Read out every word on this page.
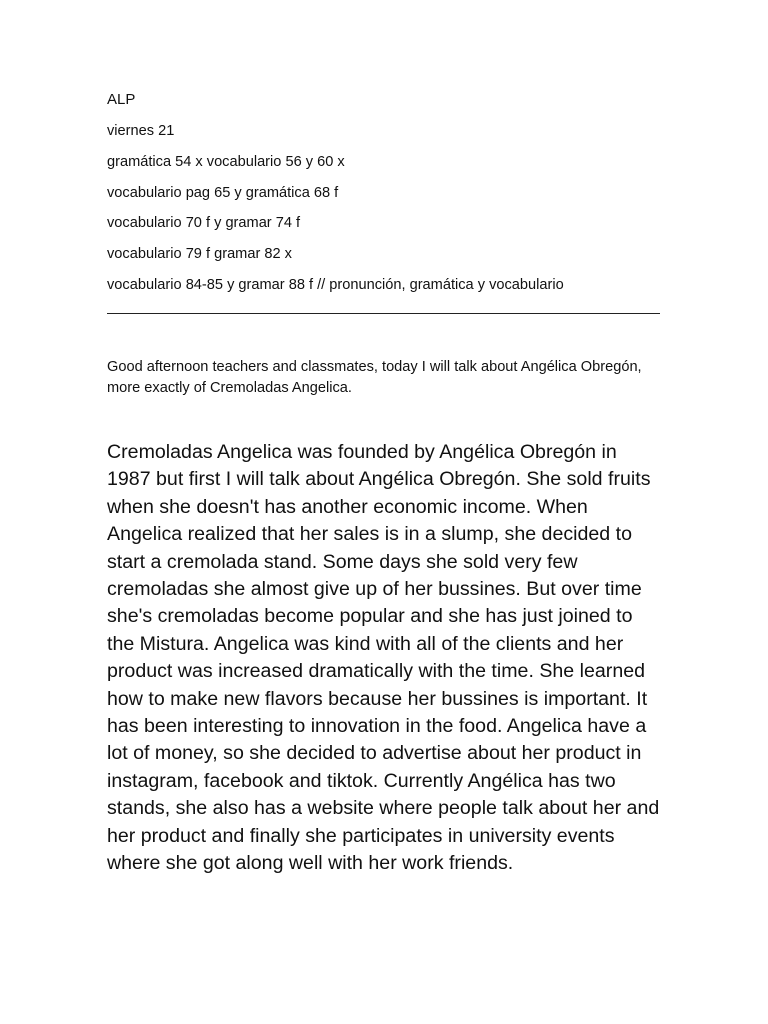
ALP
viernes 21
gramática 54 x vocabulario 56 y 60 x
vocabulario pag 65 y gramática 68 f
vocabulario 70 f y gramar 74 f
vocabulario 79 f gramar 82 x
vocabulario 84-85 y gramar 88 f // pronunción, gramática y vocabulario
Good afternoon teachers and classmates, today I will talk about Angélica Obregón, more exactly of Cremoladas Angelica.
Cremoladas Angelica was founded by Angélica Obregón in 1987 but first I will talk about Angélica Obregón. She sold fruits when she doesn't has another economic income. When Angelica realized that her sales is in a slump, she decided to start a cremolada stand. Some days she sold very few cremoladas she almost give up of her bussines. But over time she's cremoladas become popular and she has just joined to the Mistura. Angelica was kind with all of the clients and her product was increased dramatically with the time. She learned how to make new flavors because her bussines is important. It has been interesting to innovation in the food. Angelica have a lot of money, so she decided to advertise about her product in instagram, facebook and tiktok. Currently Angélica has two stands, she also has a website where people talk about her and her product and finally she participates in university events where she got along well with her work friends.
